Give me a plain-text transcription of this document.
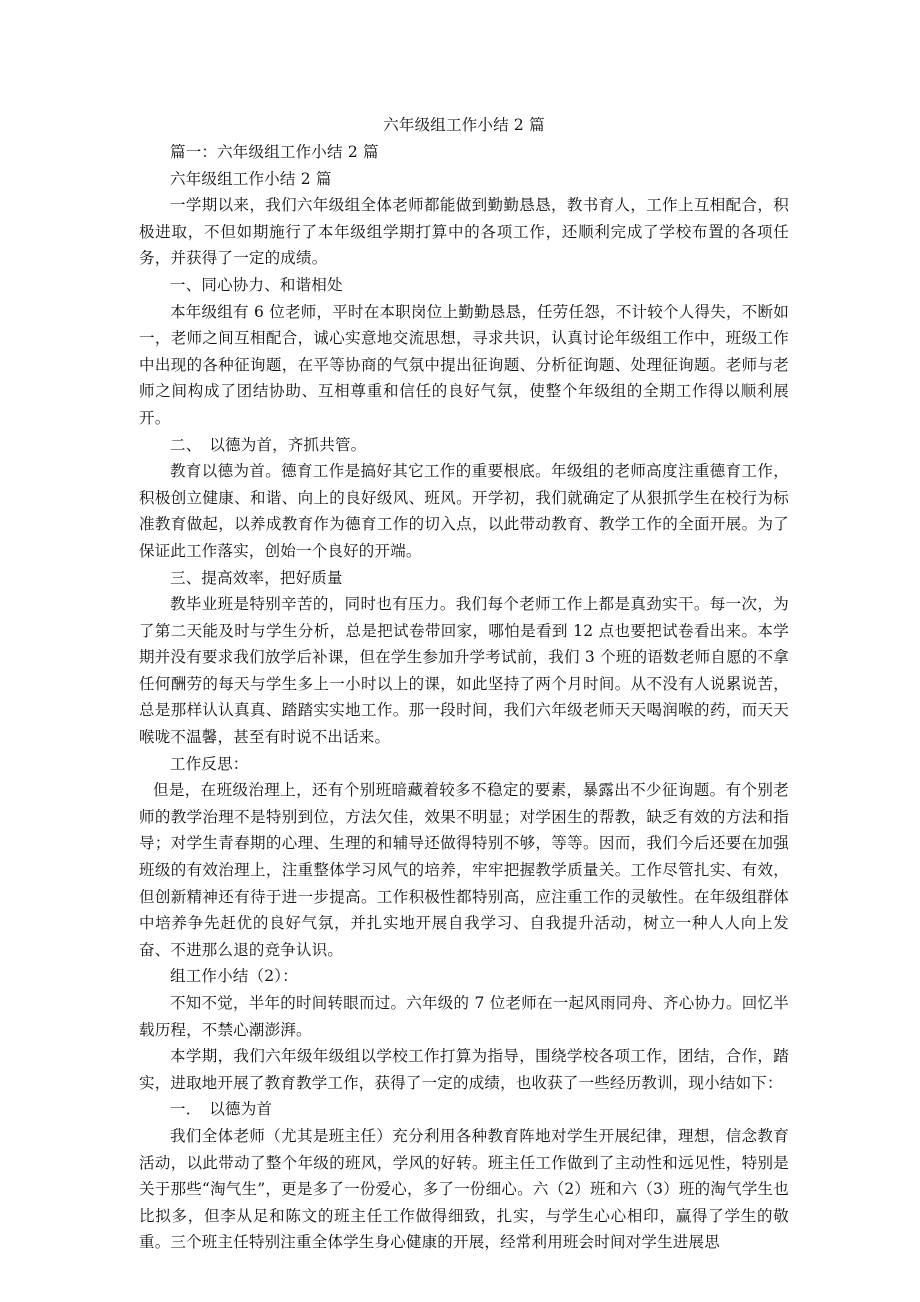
六年级组工作小结 2 篇

篇一：六年级组工作小结 2 篇

六年级组工作小结 2 篇

一学期以来，我们六年级组全体老师都能做到勤勤恳恳，教书育人，工作上互相配合，积极进取，不但如期施行了本年级组学期打算中的各项工作，还顺利完成了学校布置的各项任务，并获得了一定的成绩。

一、同心协力、和谐相处

本年级组有 6 位老师，平时在本职岗位上勤勤恳恳，任劳任怨，不计较个人得失，不断如一，老师之间互相配合，诚心实意地交流思想，寻求共识，认真讨论年级组工作中，班级工作中出现的各种征询题，在平等协商的气氛中提出征询题、分析征询题、处理征询题。老师与老师之间构成了团结协助、互相尊重和信任的良好气氛，使整个年级组的全期工作得以顺利展开。

二、　以德为首，齐抓共管。

教育以德为首。德育工作是搞好其它工作的重要根底。年级组的老师高度注重德育工作，积极创立健康、和谐、向上的良好级风、班风。开学初，我们就确定了从狠抓学生在校行为标准教育做起，以养成教育作为德育工作的切入点，以此带动教育、教学工作的全面开展。为了保证此工作落实，创始一个良好的开端。

三、提高效率，把好质量

教毕业班是特别辛苦的，同时也有压力。我们每个老师工作上都是真劲实干。每一次，为了第二天能及时与学生分析，总是把试卷带回家，哪怕是看到 12 点也要把试卷看出来。本学期并没有要求我们放学后补课，但在学生参加升学考试前，我们 3 个班的语数老师自愿的不拿任何酬劳的每天与学生多上一小时以上的课，如此坚持了两个月时间。从不没有人说累说苦，总是那样认认真真、踏踏实实地工作。那一段时间，我们六年级老师天天喝润喉的药，而天天喉咙不温馨，甚至有时说不出话来。

工作反思：

但是，在班级治理上，还有个别班暗藏着较多不稳定的要素，暴露出不少征询题。有个别老师的教学治理不是特别到位，方法欠佳，效果不明显；对学困生的帮教，缺乏有效的方法和指导；对学生青春期的心理、生理的和辅导还做得特别不够，等等。因而，我们今后还要在加强班级的有效治理上，注重整体学习风气的培养，牢牢把握教学质量关。工作尽管扎实、有效，但创新精神还有待于进一步提高。工作积极性都特别高，应注重工作的灵敏性。在年级组群体中培养争先赶优的良好气氛，并扎实地开展自我学习、自我提升活动，树立一种人人向上发奋、不进那么退的竞争认识。

组工作小结（2）：

不知不觉，半年的时间转眼而过。六年级的 7 位老师在一起风雨同舟、齐心协力。回忆半载历程，不禁心潮澎湃。

本学期，我们六年级年级组以学校工作打算为指导，围绕学校各项工作，团结，合作，踏实，进取地开展了教育教学工作，获得了一定的成绩，也收获了一些经历教训，现小结如下：

一．　以德为首

我们全体老师（尤其是班主任）充分利用各种教育阵地对学生开展纪律，理想，信念教育活动，以此带动了整个年级的班风，学风的好转。班主任工作做到了主动性和远见性，特别是关于那些“淘气生”，更是多了一份爱心，多了一份细心。六（2）班和六（3）班的淘气学生也比拟多，但李从足和陈文的班主任工作做得细致，扎实，与学生心心相印，赢得了学生的敬重。三个班主任特别注重全体学生身心健康的开展，经常利用班会时间对学生进展思
